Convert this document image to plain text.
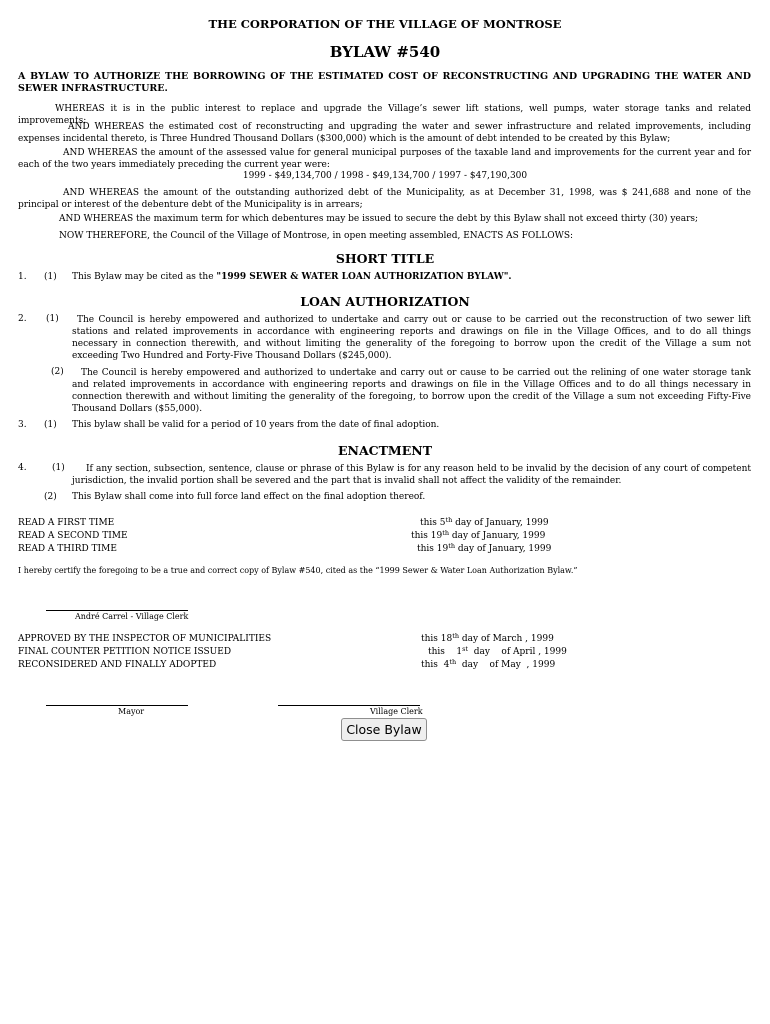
THE CORPORATION OF THE VILLAGE OF MONTROSE
BYLAW #540
A BYLAW TO AUTHORIZE THE BORROWING OF THE ESTIMATED COST OF RECONSTRUCTING AND UPGRADING THE WATER AND SEWER INFRASTRUCTURE.
WHEREAS it is in the public interest to replace and upgrade the Village’s sewer lift stations, well pumps, water storage tanks and related improvements;
AND WHEREAS the estimated cost of reconstructing and upgrading the water and sewer infrastructure and related improvements, including expenses incidental thereto, is Three Hundred Thousand Dollars ($300,000) which is the amount of debt intended to be created by this Bylaw;
AND WHEREAS the amount of the assessed value for general municipal purposes of the taxable land and improvements for the current year and for each of the two years immediately preceding the current year were:
1999 - $49,134,700 / 1998 - $49,134,700 / 1997 - $47,190,300
AND WHEREAS the amount of the outstanding authorized debt of the Municipality, as at December 31, 1998, was $ 241,688 and none of the principal or interest of the debenture debt of the Municipality is in arrears;
AND WHEREAS the maximum term for which debentures may be issued to secure the debt by this Bylaw shall not exceed thirty (30) years;
NOW THEREFORE, the Council of the Village of Montrose, in open meeting assembled, ENACTS AS FOLLOWS:
SHORT TITLE
1. (1) This Bylaw may be cited as the "1999 SEWER & WATER LOAN AUTHORIZATION BYLAW".
LOAN AUTHORIZATION
2. (1)	The Council is hereby empowered and authorized to undertake and carry out or cause to be carried out the reconstruction of two sewer lift stations and related improvements in accordance with engineering reports and drawings on file in the Village Offices, and to do all things necessary in connection therewith, and without limiting the generality of the foregoing to borrow upon the credit of the Village a sum not exceeding Two Hundred and Forty-Five Thousand Dollars ($245,000).
(2)	The Council is hereby empowered and authorized to undertake and carry out or cause to be carried out the relining of one water storage tank and related improvements in accordance with engineering reports and drawings on file in the Village Offices and to do all things necessary in connection therewith and without limiting the generality of the foregoing, to borrow upon the credit of the Village a sum not exceeding Fifty-Five Thousand Dollars ($55,000).
3. (1) This bylaw shall be valid for a period of 10 years from the date of final adoption.
ENACTMENT
4.	(1)	If any section, subsection, sentence, clause or phrase of this Bylaw is for any reason held to be invalid by the decision of any court of competent jurisdiction, the invalid portion shall be severed and the part that is invalid shall not affect the validity of the remainder.
(2) This Bylaw shall come into full force land effect on the final adoption thereof.
READ A FIRST TIME	this 5th day of January, 1999
READ A SECOND TIME	this 19th day of January, 1999
READ A THIRD TIME	this 19th day of January, 1999
I hereby certify the foregoing to be a true and correct copy of Bylaw #540, cited as the “1999 Sewer & Water Loan Authorization Bylaw.”
André Carrel - Village Clerk
APPROVED BY THE INSPECTOR OF MUNICIPALITIES	this 18th day of March , 1999
FINAL COUNTER PETITION NOTICE ISSUED	this    1st  day    of April , 1999
RECONSIDERED AND FINALLY ADOPTED	this  4th  day    of May  , 1999
Mayor	Village Clerk
Close Bylaw
